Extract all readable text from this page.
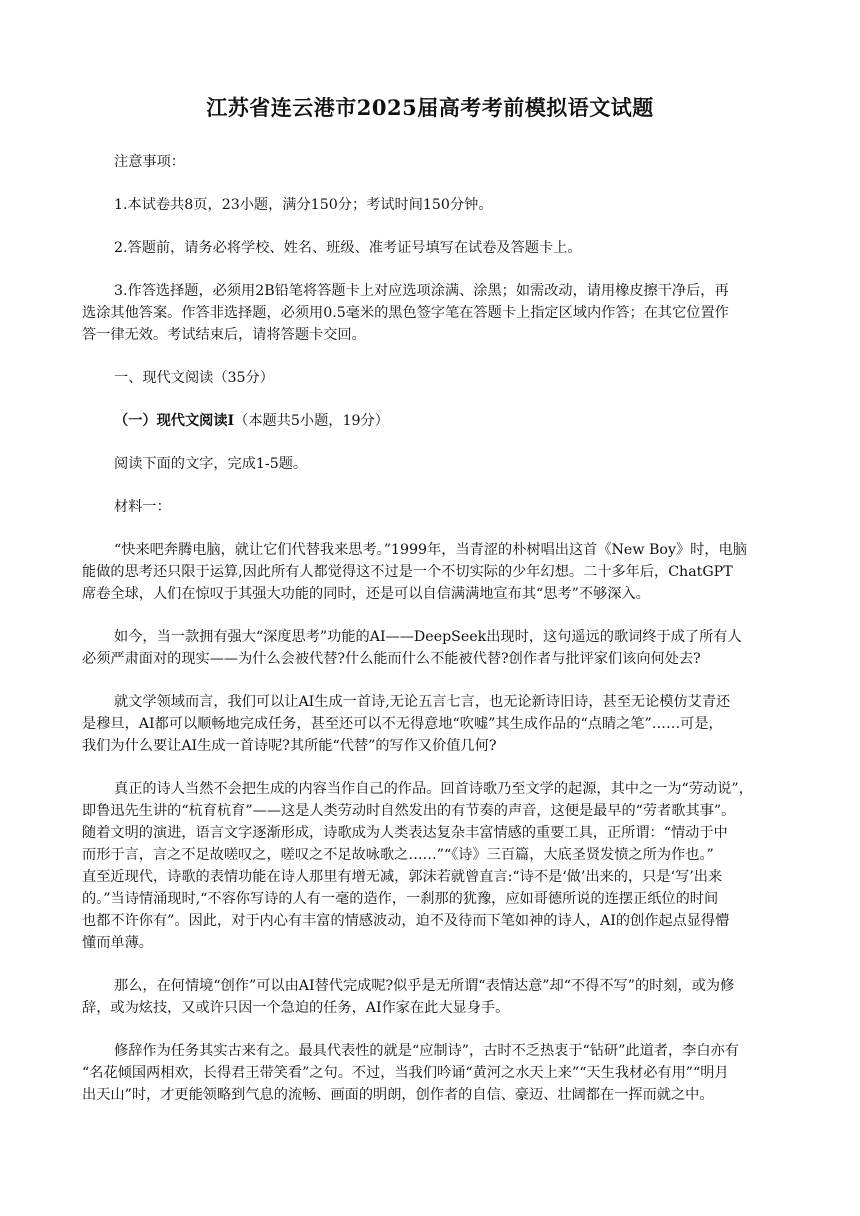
江苏省连云港市2025届高考考前模拟语文试题
注意事项：
1.本试卷共8页，23小题，满分150分；考试时间150分钟。
2.答题前，请务必将学校、姓名、班级、准考证号填写在试卷及答题卡上。
3.作答选择题，必须用2B铅笔将答题卡上对应选项涂满、涂黑；如需改动，请用橡皮擦干净后，再
选涂其他答案。作答非选择题，必须用0.5毫米的黑色签字笔在答题卡上指定区域内作答；在其它位置作
答一律无效。考试结束后，请将答题卡交回。
一、现代文阅读（35分）
（一）现代文阅读Ⅰ（本题共5小题，19分）
阅读下面的文字，完成1-5题。
材料一：
“快来吧奔腾电脑，就让它们代替我来思考。”1999年，当青涩的朴树唱出这首《New Boy》时，电脑
能做的思考还只限于运算,因此所有人都觉得这不过是一个不切实际的少年幻想。二十多年后，ChatGPT
席卷全球，人们在惊叹于其强大功能的同时，还是可以自信满满地宣布其“思考”不够深入。
如今，当一款拥有强大“深度思考”功能的AI——DeepSeek出现时，这句遥远的歌词终于成了所有人
必须严肃面对的现实——为什么会被代替?什么能而什么不能被代替?创作者与批评家们该向何处去?
就文学领域而言，我们可以让AI生成一首诗,无论五言七言，也无论新诗旧诗，甚至无论模仿艾青还
是穆旦，AI都可以顺畅地完成任务，甚至还可以不无得意地“吹嘘”其生成作品的“点睛之笔”……可是，
我们为什么要让AI生成一首诗呢?其所能“代替”的写作又价值几何?
真正的诗人当然不会把生成的内容当作自己的作品。回首诗歌乃至文学的起源，其中之一为“劳动说”，
即鲁迅先生讲的“杭育杭育”——这是人类劳动时自然发出的有节奏的声音，这便是最早的“劳者歌其事”。
随着文明的演进，语言文字逐渐形成，诗歌成为人类表达复杂丰富情感的重要工具，正所谓：“情动于中
而形于言，言之不足故嗟叹之，嗟叹之不足故咏歌之……”“《诗》三百篇，大底圣贤发愤之所为作也。”
直至近现代，诗歌的表情功能在诗人那里有增无减，郭沫若就曾直言:“诗不是‘做’出来的，只是‘写’出来
的。”当诗情涌现时,“不容你写诗的人有一毫的造作，一刹那的犹豫，应如哥德所说的连摆正纸位的时间
也都不许你有”。因此，对于内心有丰富的情感波动，迫不及待而下笔如神的诗人，AI的创作起点显得懵
懂而单薄。
那么，在何情境“创作”可以由AI替代完成呢?似乎是无所谓“表情达意”却“不得不写”的时刻，或为修
辞，或为炫技，又或许只因一个急迫的任务，AI作家在此大显身手。
修辞作为任务其实古来有之。最具代表性的就是“应制诗”，古时不乏热衷于“钻研”此道者，李白亦有
“名花倾国两相欢，长得君王带笑看”之句。不过，当我们吟诵“黄河之水天上来”“天生我材必有用”“明月
出天山”时，才更能领略到气息的流畅、画面的明朗，创作者的自信、豪迈、壮阔都在一挥而就之中。
